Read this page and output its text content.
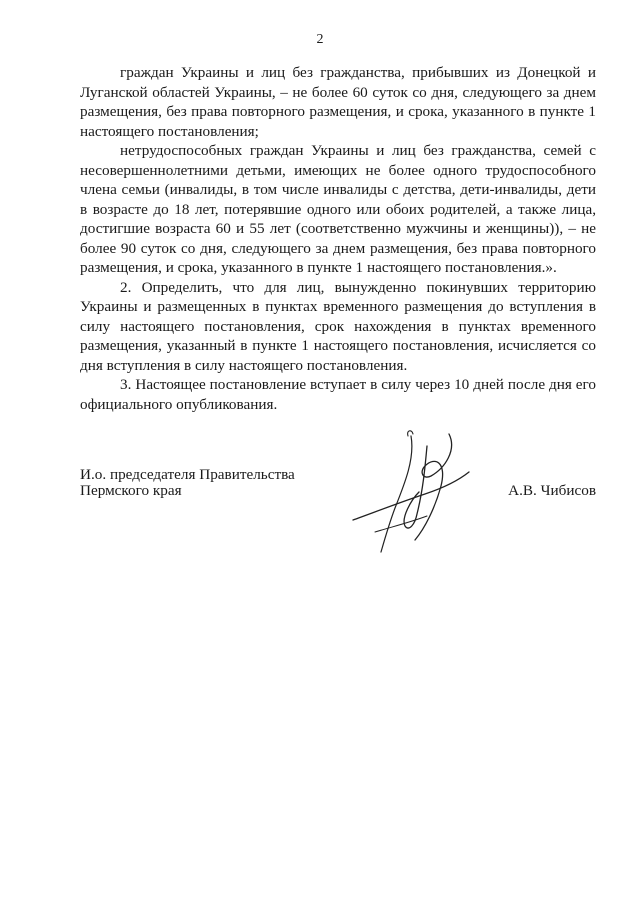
2

граждан Украины и лиц без гражданства, прибывших из Донецкой и Луганской областей Украины, – не более 60 суток со дня, следующего за днем размещения, без права повторного размещения, и срока, указанного в пункте 1 настоящего постановления;

нетрудоспособных граждан Украины и лиц без гражданства, семей с несовершеннолетними детьми, имеющих не более одного трудоспособного члена семьи (инвалиды, в том числе инвалиды с детства, дети-инвалиды, дети в возрасте до 18 лет, потерявшие одного или обоих родителей, а также лица, достигшие возраста 60 и 55 лет (соответственно мужчины и женщины)), – не более 90 суток со дня, следующего за днем размещения, без права повторного размещения, и срока, указанного в пункте 1 настоящего постановления.».

2. Определить, что для лиц, вынужденно покинувших территорию Украины и размещенных в пунктах временного размещения до вступления в силу настоящего постановления, срок нахождения в пунктах временного размещения, указанный в пункте 1 настоящего постановления, исчисляется со дня вступления в силу настоящего постановления.

3. Настоящее постановление вступает в силу через 10 дней после дня его официального опубликования.

И.о. председателя Правительства
Пермского края	А.В. Чибисов
